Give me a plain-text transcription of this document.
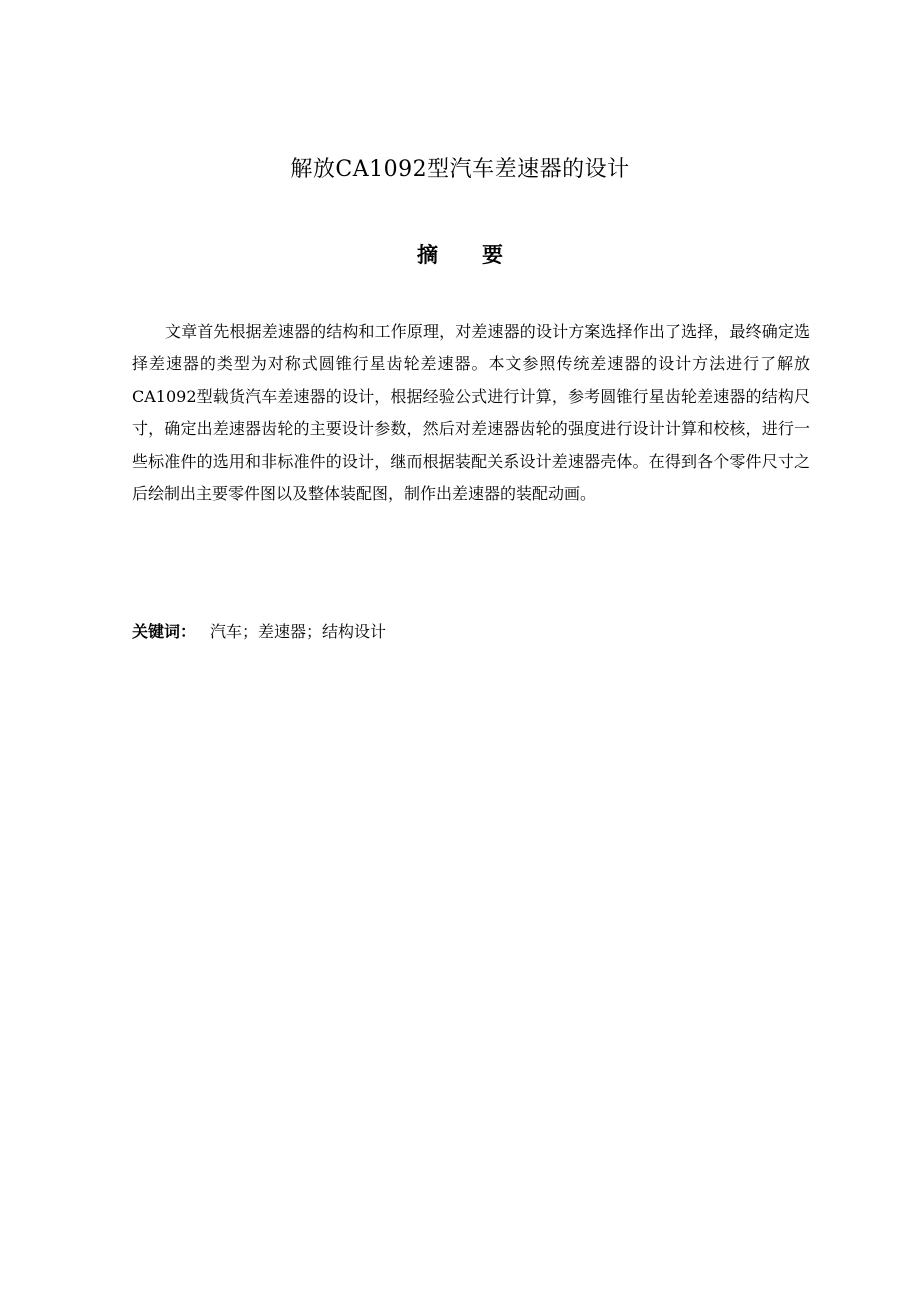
解放CA1092型汽车差速器的设计
摘 要

文章首先根据差速器的结构和工作原理，对差速器的设计方案选择作出了选择，最终确定选择差速器的类型为对称式圆锥行星齿轮差速器。本文参照传统差速器的设计方法进行了解放CA1092型载货汽车差速器的设计，根据经验公式进行计算，参考圆锥行星齿轮差速器的结构尺寸，确定出差速器齿轮的主要设计参数，然后对差速器齿轮的强度进行设计计算和校核，进行一些标准件的选用和非标准件的设计，继而根据装配关系设计差速器壳体。在得到各个零件尺寸之后绘制出主要零件图以及整体装配图，制作出差速器的装配动画。

关键词： 汽车；差速器；结构设计
